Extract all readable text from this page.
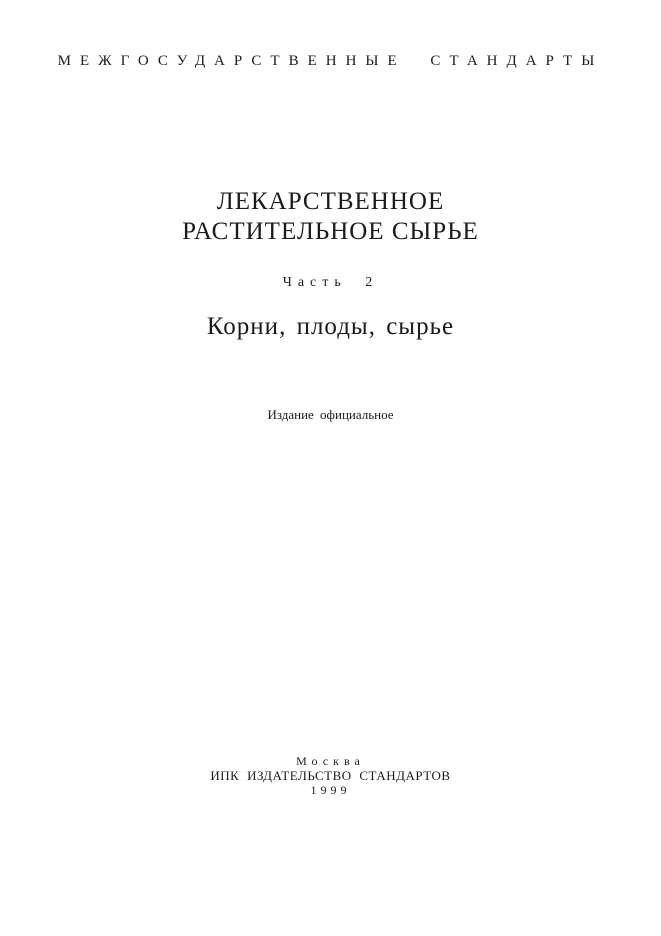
МЕЖГОСУДАРСТВЕННЫЕ СТАНДАРТЫ
ЛЕКАРСТВЕННОЕ
РАСТИТЕЛЬНОЕ СЫРЬЕ
Часть 2
Корни, плоды, сырье
Издание официальное
Москва
ИПК ИЗДАТЕЛЬСТВО СТАНДАРТОВ
1999
